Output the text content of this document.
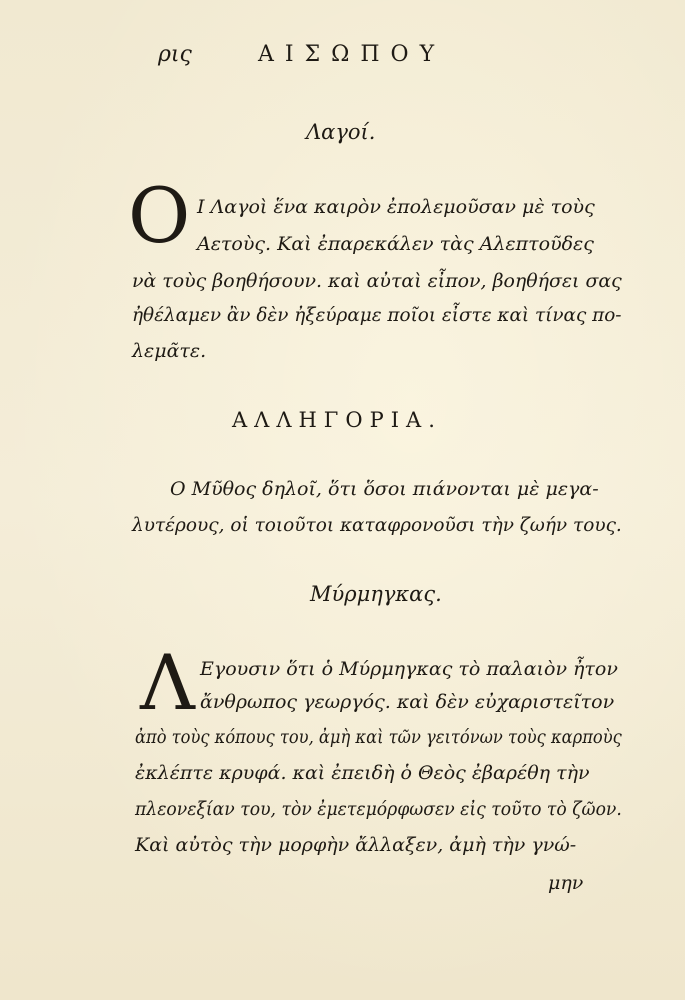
ρις	ΑΙΣΩΠΟΥ
Λαγοί.
O Ι Λαγοὶ ἕνα καιρὸν ἐπολεμοῦσαν μὲ τοὺς
Αετοὺς. Καὶ ἐπαρεκάλεν τὰς Αλεπτοῦδες
νὰ τοὺς βοηθήσουν. καὶ αὐταὶ εἶπον, βοηθήσει σας
ἠθέλαμεν ἂν δὲν ἠξεύραμε ποῖοι εἶστε καὶ τίνας πο-
λεμᾶτε.
ΑΛΛΗΓΟΡΙΑ.
Ο Μῦθος δηλοῖ, ὅτι ὅσοι πιάνονται μὲ μεγα-
λυτέρους, οἱ τοιοῦτοι καταφρονοῦσι τὴν ζωήν τους.
Μύρμηγκας.
Λ Εγουσιν ὅτι ὁ Μύρμηγκας τὸ παλαιὸν ἦτον
ἄνθρωπος γεωργός. καὶ δὲν εὐχαριστεῖτον
ἀπὸ τοὺς κόπους του, ἀμὴ καὶ τῶν γειτόνων τοὺς καρποὺς
ἐκλέπτε κρυφά. καὶ ἐπειδὴ ὁ Θεὸς ἐβαρέθη τὴν
πλεονεξίαν του, τὸν ἐμετεμόρφωσεν εἰς τοῦτο τὸ ζῶον.
Καὶ αὐτὸς τὴν μορφὴν ἄλλαξεν, ἀμὴ τὴν γνώ-
μην
